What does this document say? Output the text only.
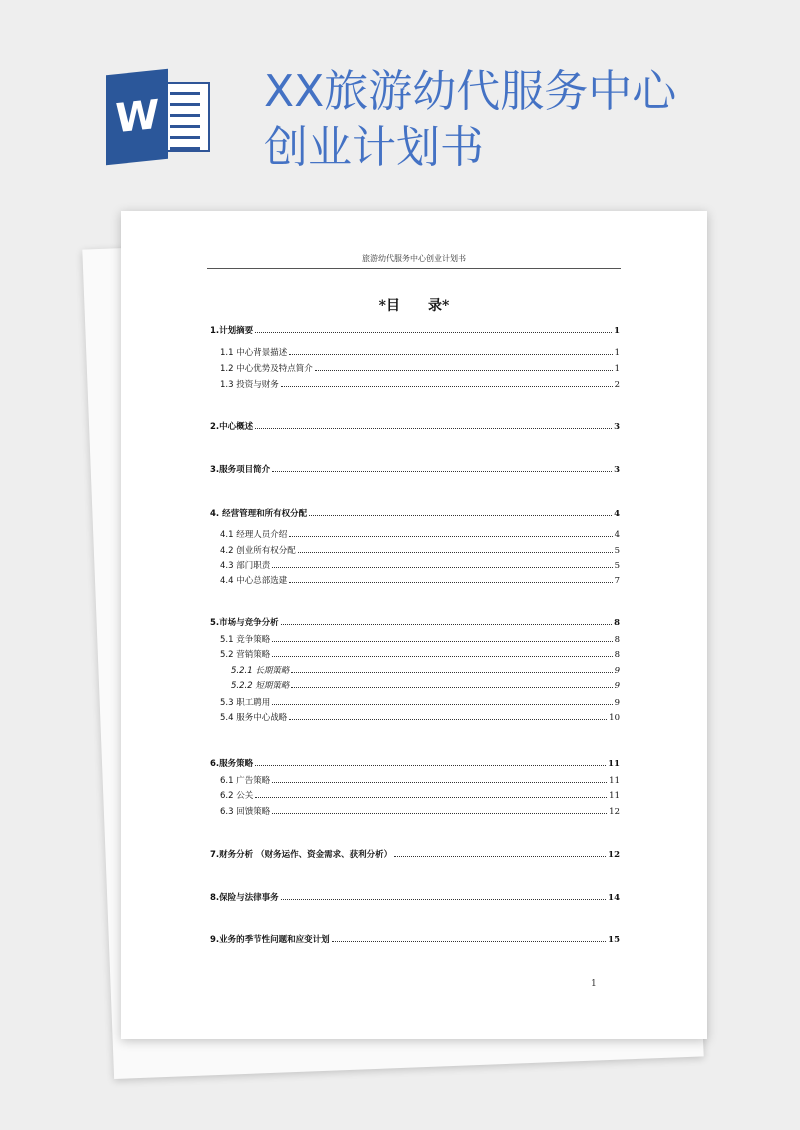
W XX旅游幼代服务中心
创业计划书
旅游幼代服务中心创业计划书
*目　　录*
1.计划摘要	1
1.1 中心背景描述	1
1.2 中心优势及特点简介	1
1.3 投资与财务	2
2.中心概述	3
3.服务项目简介	3
4. 经营管理和所有权分配	4
4.1 经理人员介绍	4
4.2 创业所有权分配	5
4.3 部门职责	5
4.4 中心总部选建	7
5.市场与竞争分析	8
5.1 竞争策略	8
5.2 营销策略	8
5.2.1 长期策略	9
5.2.2 短期策略	9
5.3 职工聘用	9
5.4 服务中心战略	10
6.服务策略	11
6.1 广告策略	11
6.2 公关	11
6.3 回馈策略	12
7.财务分析 （财务运作、资金需求、获利分析）	12
8.保险与法律事务	14
9.业务的季节性问题和应变计划	15
1
